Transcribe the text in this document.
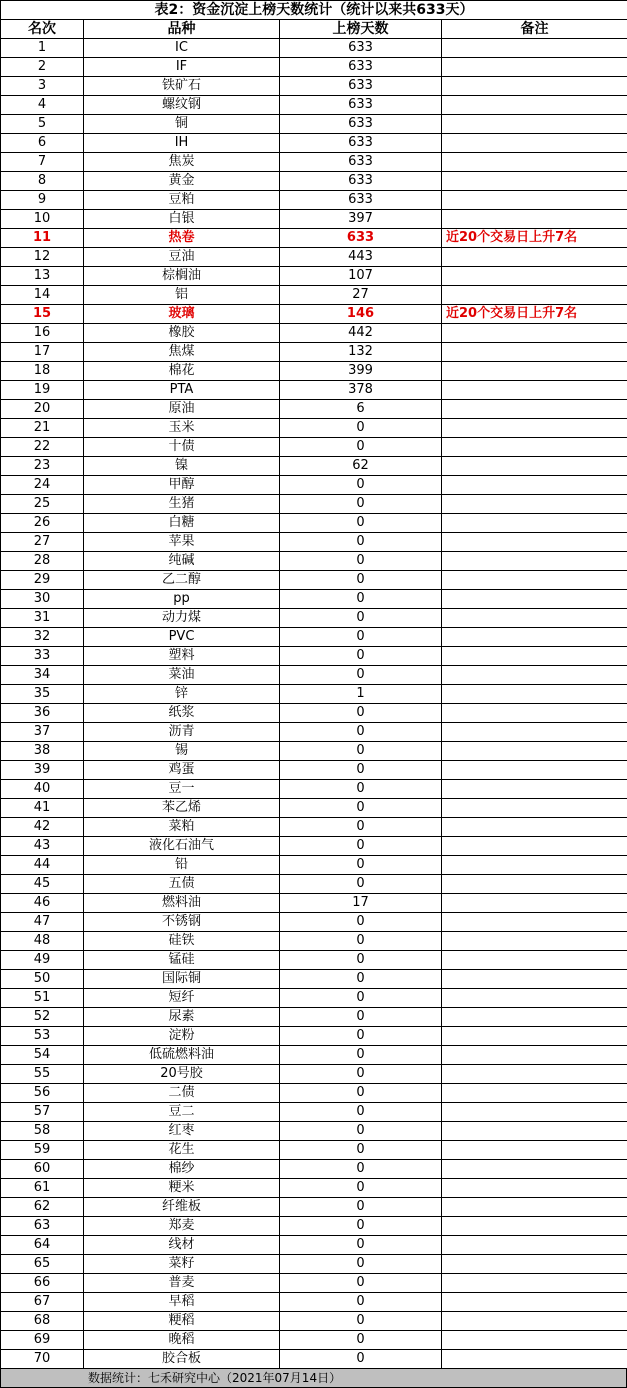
表2：资金沉淀上榜天数统计（统计以来共633天）			
名次	品种	上榜天数	备注
1	IC	633	
2	IF	633	
3	铁矿石	633	
4	螺纹钢	633	
5	铜	633	
6	IH	633	
7	焦炭	633	
8	黄金	633	
9	豆粕	633	
10	白银	397	
11	热卷	633	近20个交易日上升7名
12	豆油	443	
13	棕榈油	107	
14	铝	27	
15	玻璃	146	近20个交易日上升7名
16	橡胶	442	
17	焦煤	132	
18	棉花	399	
19	PTA	378	
20	原油	6	
21	玉米	0	
22	十债	0	
23	镍	62	
24	甲醇	0	
25	生猪	0	
26	白糖	0	
27	苹果	0	
28	纯碱	0	
29	乙二醇	0	
30	pp	0	
31	动力煤	0	
32	PVC	0	
33	塑料	0	
34	菜油	0	
35	锌	1	
36	纸浆	0	
37	沥青	0	
38	锡	0	
39	鸡蛋	0	
40	豆一	0	
41	苯乙烯	0	
42	菜粕	0	
43	液化石油气	0	
44	铅	0	
45	五债	0	
46	燃料油	17	
47	不锈钢	0	
48	硅铁	0	
49	锰硅	0	
50	国际铜	0	
51	短纤	0	
52	尿素	0	
53	淀粉	0	
54	低硫燃料油	0	
55	20号胶	0	
56	二债	0	
57	豆二	0	
58	红枣	0	
59	花生	0	
60	棉纱	0	
61	粳米	0	
62	纤维板	0	
63	郑麦	0	
64	线材	0	
65	菜籽	0	
66	普麦	0	
67	早稻	0	
68	粳稻	0	
69	晚稻	0	
70	胶合板	0	
数据统计：七禾研究中心（2021年07月14日）
